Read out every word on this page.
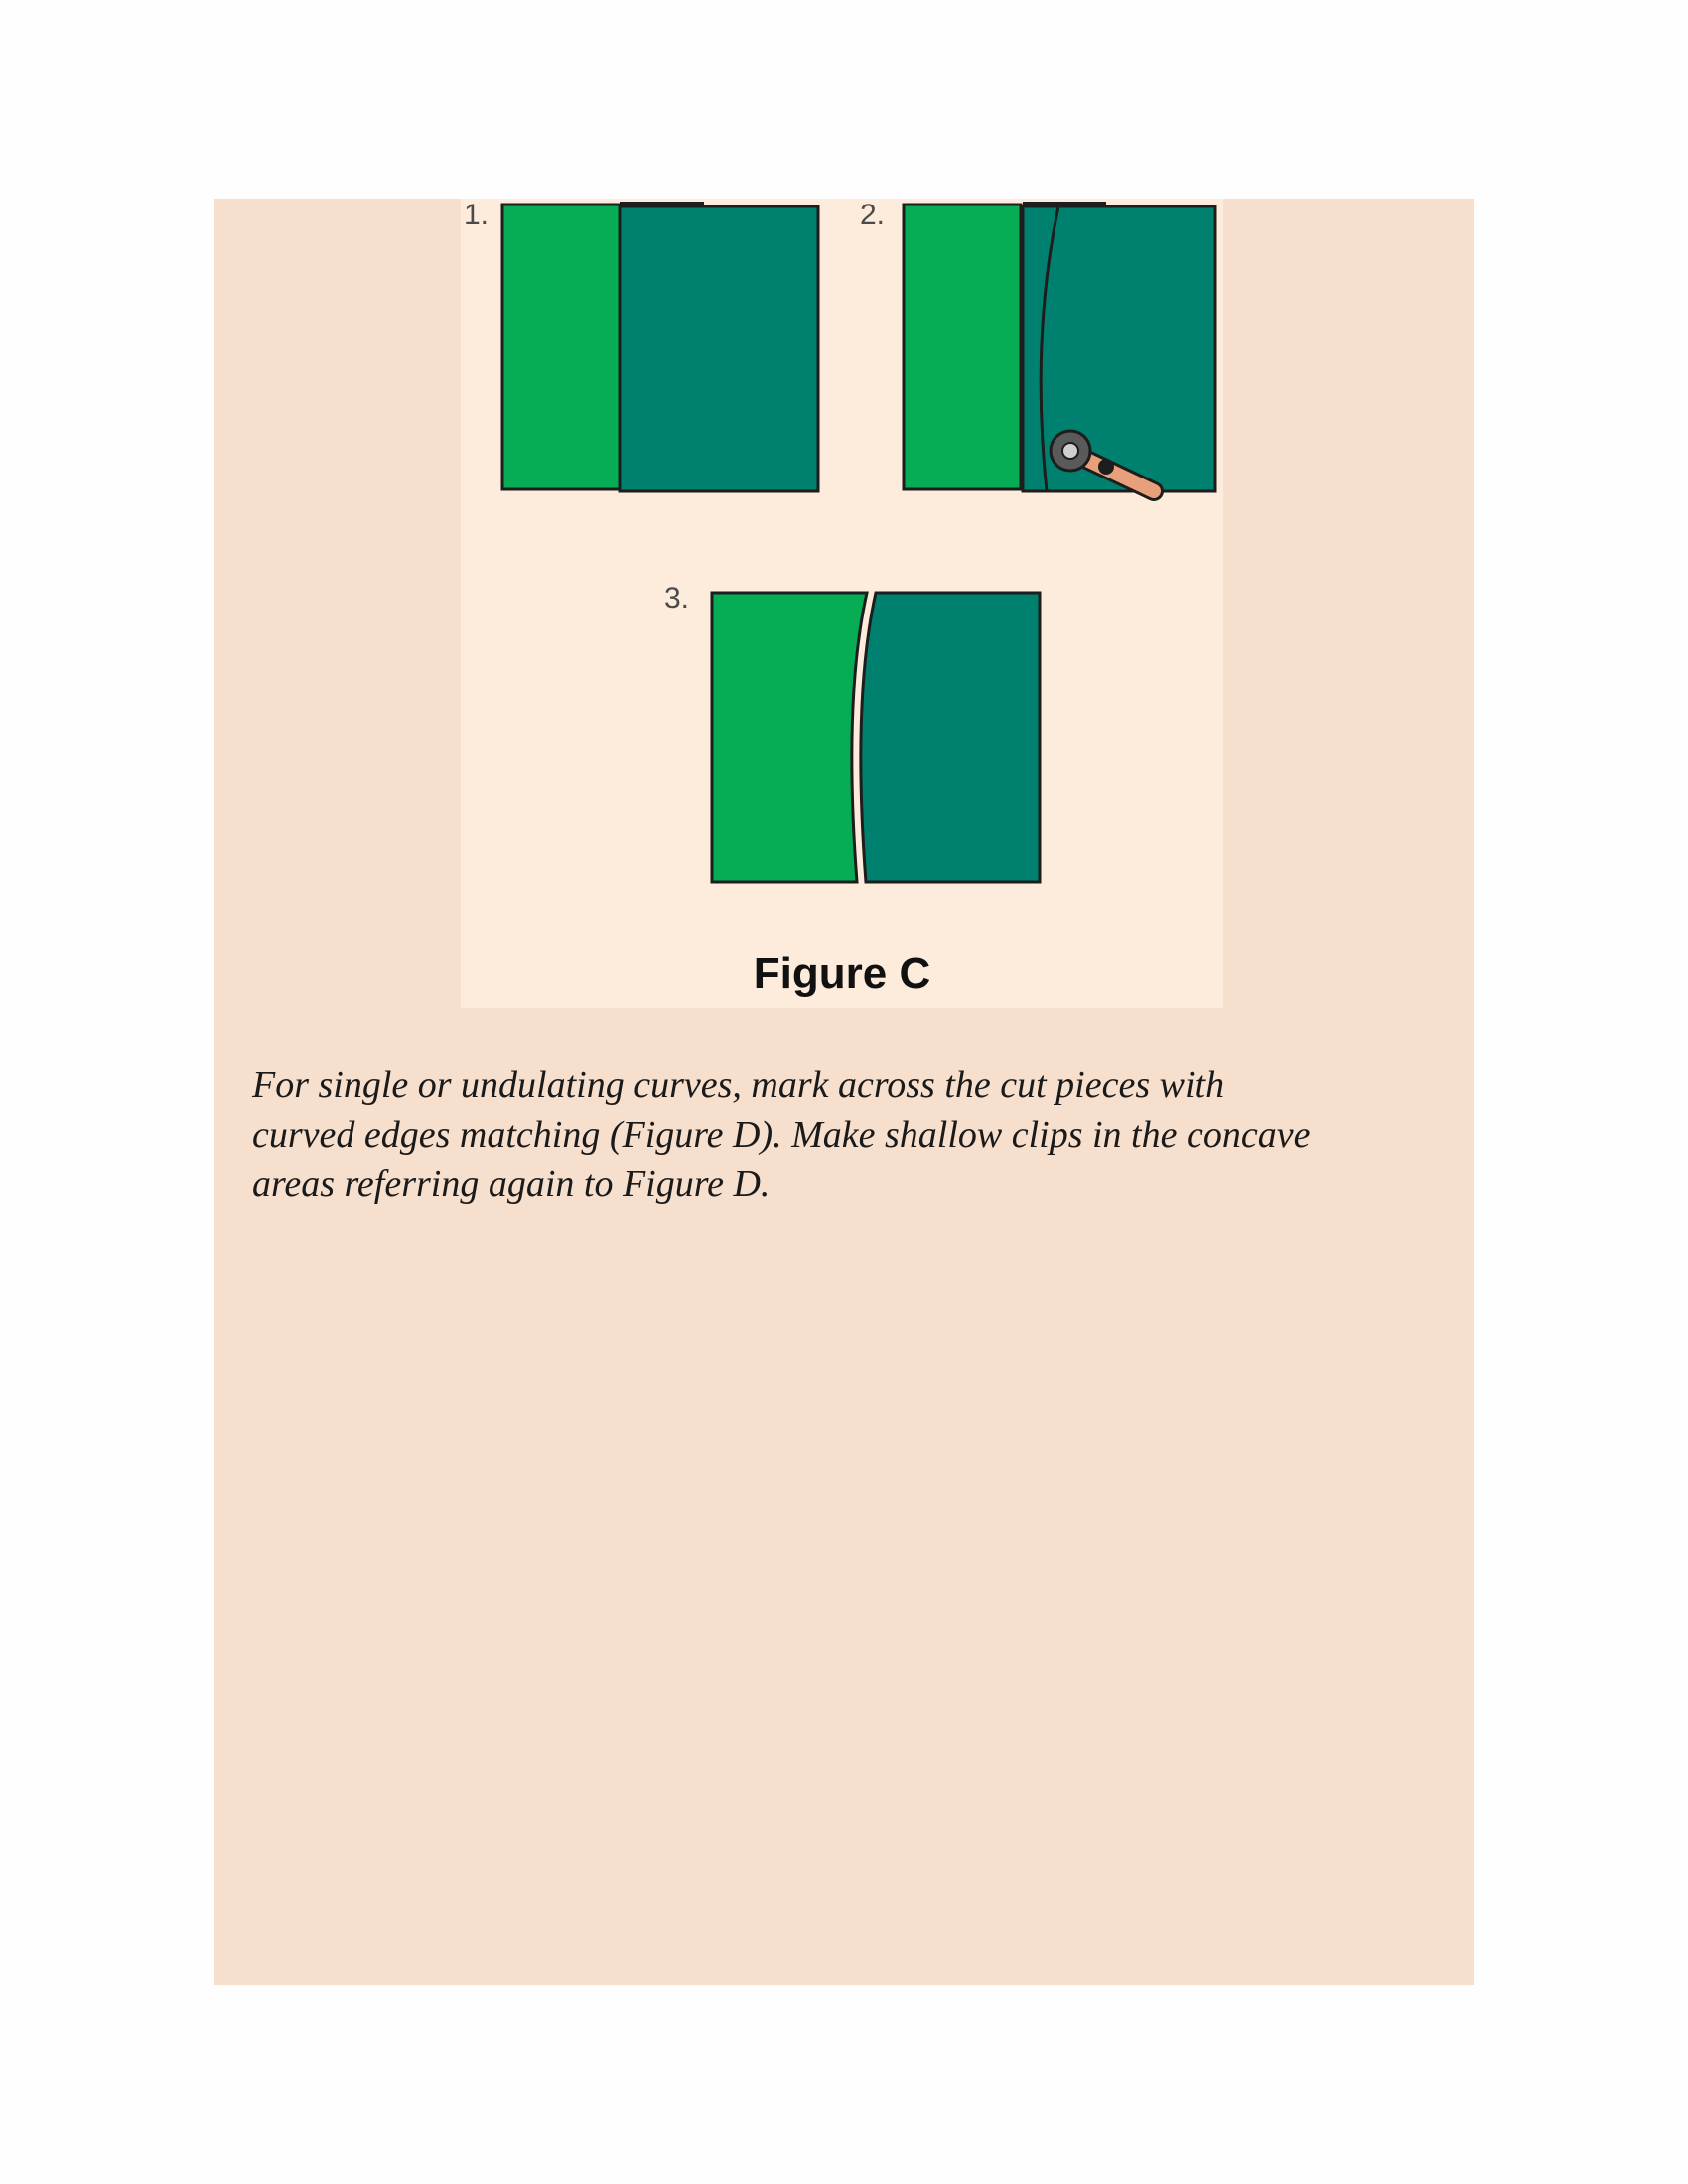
1.	2.
3.
Figure C
For single or undulating curves, mark across the cut pieces with
curved edges matching (Figure D). Make shallow clips in the concave
areas referring again to Figure D.
